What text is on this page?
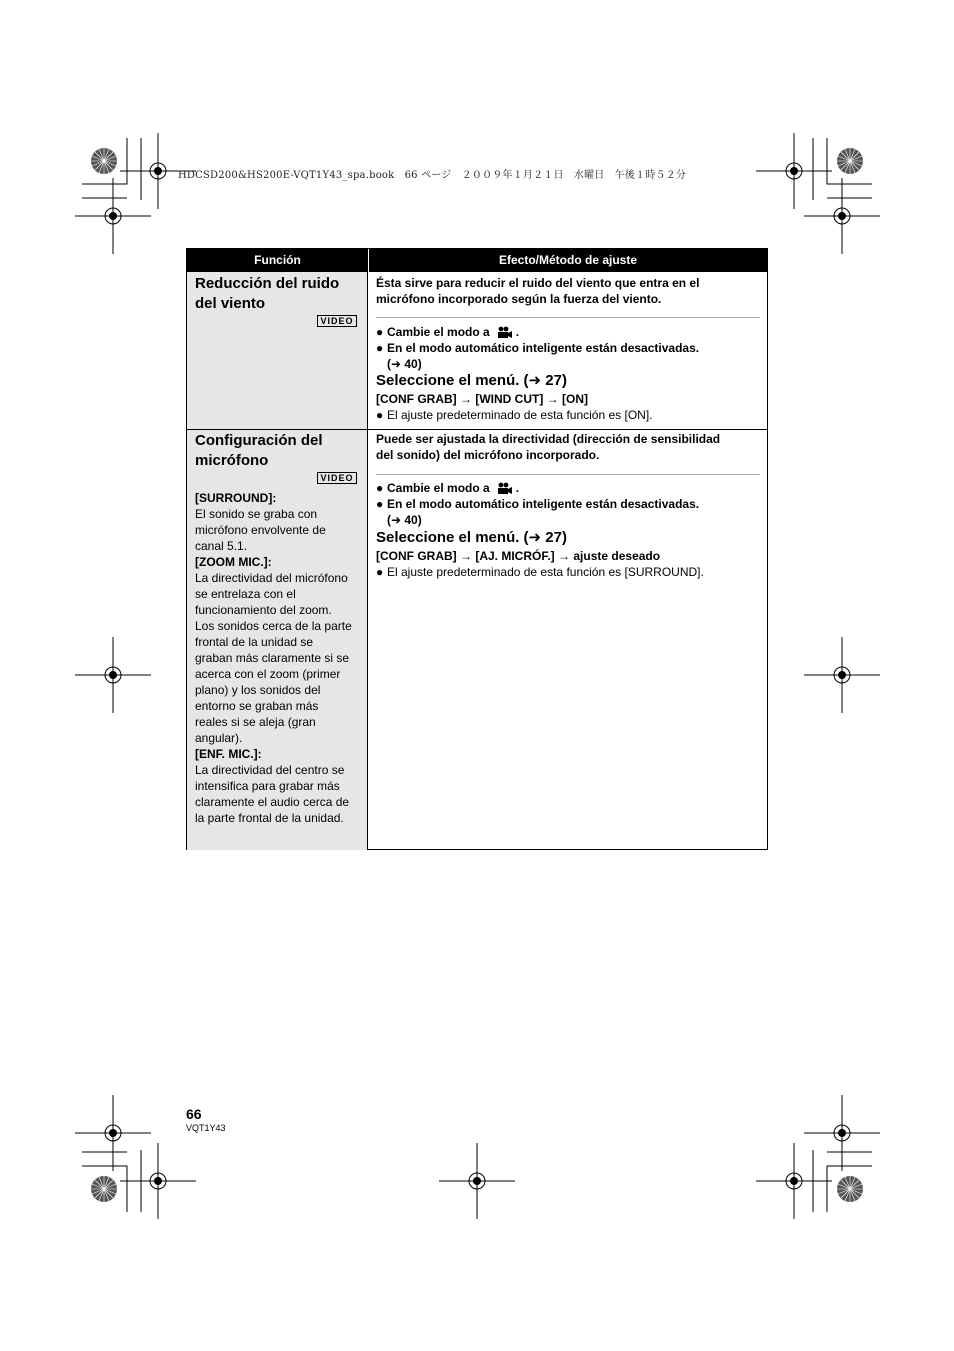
HDCSD200&HS200E-VQT1Y43_spa.book　66 ページ　２００９年１月２１日　水曜日　午後１時５２分
Función	Efecto/Método de ajuste
Reducción del ruido
del viento
VIDEO
Ésta sirve para reducir el ruido del viento que entra en el
micrófono incorporado según la fuerza del viento.
● Cambie el modo a .
● En el modo automático inteligente están desactivadas.
(➜ 40)
Seleccione el menú. (➜ 27)
[CONF GRAB] → [WIND CUT] → [ON]
● El ajuste predeterminado de esta función es [ON].
Configuración del
micrófono
VIDEO
[SURROUND]:
El sonido se graba con
micrófono envolvente de
canal 5.1.
[ZOOM MIC.]:
La directividad del micrófono
se entrelaza con el
funcionamiento del zoom.
Los sonidos cerca de la parte
frontal de la unidad se
graban más claramente si se
acerca con el zoom (primer
plano) y los sonidos del
entorno se graban más
reales si se aleja (gran
angular).
[ENF. MIC.]:
La directividad del centro se
intensifica para grabar más
claramente el audio cerca de
la parte frontal de la unidad.
Puede ser ajustada la directividad (dirección de sensibilidad
del sonido) del micrófono incorporado.
● Cambie el modo a .
● En el modo automático inteligente están desactivadas.
(➜ 40)
Seleccione el menú. (➜ 27)
[CONF GRAB] → [AJ. MICRÓF.] → ajuste deseado
● El ajuste predeterminado de esta función es [SURROUND].
66
VQT1Y43
